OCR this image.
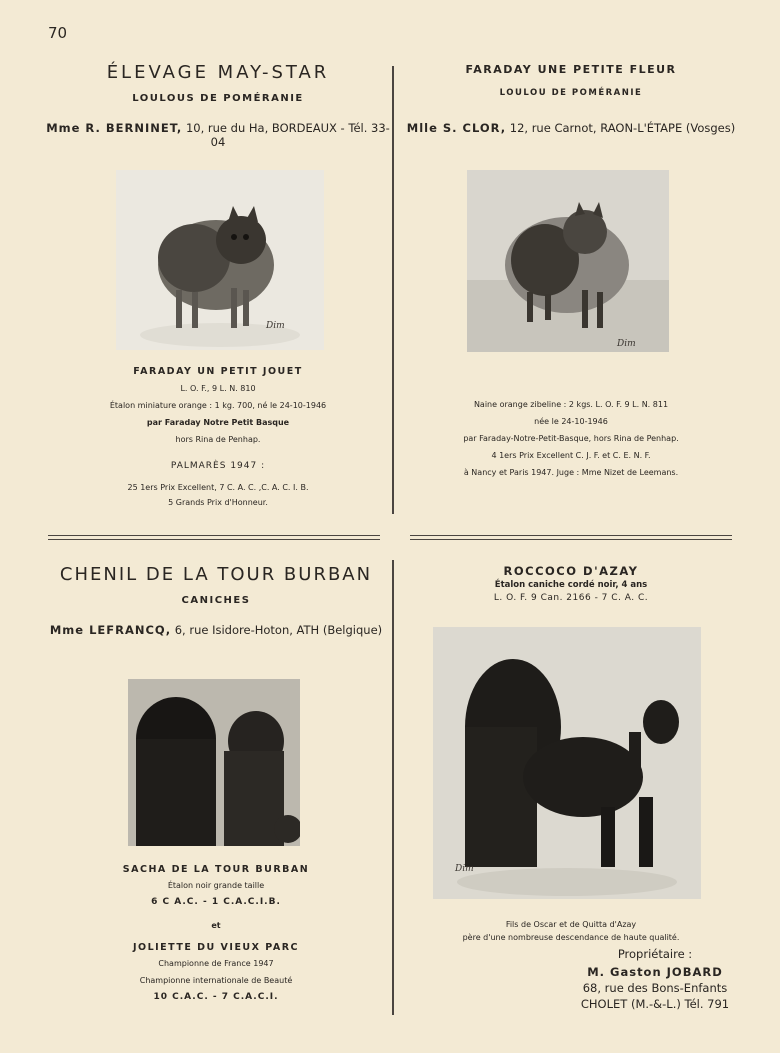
70
ÉLEVAGE MAY-STAR
LOULOUS DE POMÉRANIE
Mme R. BERNINET, 10, rue du Ha, BORDEAUX - Tél. 33-04
Dim
FARADAY UN PETIT JOUET
L. O. F., 9 L. N. 810
Étalon miniature orange : 1 kg. 700, né le 24-10-1946
par Faraday Notre Petit Basque
hors Rina de Penhap.
PALMARÈS 1947 :
25 1ers Prix Excellent, 7 C. A. C. ,C. A. C. I. B.
5 Grands Prix d'Honneur.
FARADAY UNE PETITE FLEUR
LOULOU DE POMÉRANIE
Mlle S. CLOR, 12, rue Carnot, RAON-L'ÉTAPE (Vosges)
Dim
Naine orange zibeline : 2 kgs. L. O. F. 9 L. N. 811
née le 24-10-1946
par Faraday-Notre-Petit-Basque, hors Rina de Penhap.
4 1ers Prix Excellent C. J. F. et C. E. N. F.
à Nancy et Paris 1947. Juge : Mme Nizet de Leemans.
CHENIL DE LA TOUR BURBAN
CANICHES
Mme LEFRANCQ, 6, rue Isidore-Hoton, ATH (Belgique)
SACHA DE LA TOUR BURBAN
Étalon noir grande taille
6 C A.C. - 1 C.A.C.I.B.
et
JOLIETTE DU VIEUX PARC
Championne de France 1947
Championne internationale de Beauté
10 C.A.C. - 7 C.A.C.I.
ROCCOCO D'AZAY
Étalon caniche cordé noir, 4 ans
L. O. F. 9 Can. 2166 - 7 C. A. C.
Dim
Fils de Oscar et de Quitta d'Azay
père d'une nombreuse descendance de haute qualité.
Propriétaire :
M. Gaston JOBARD
68, rue des Bons-Enfants
CHOLET (M.-&-L.) Tél. 791
